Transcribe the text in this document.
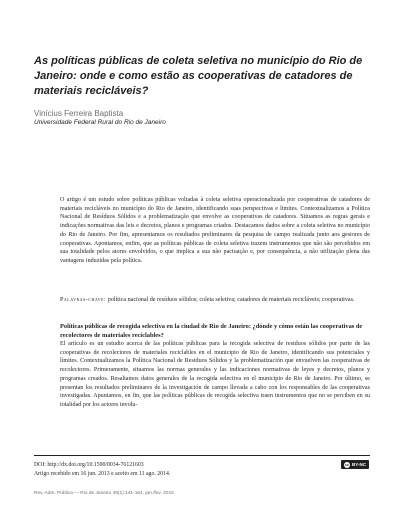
As políticas públicas de coleta seletiva no município do Rio de Janeiro: onde e como estão as cooperativas de catadores de materiais recicláveis?
Vinícius Ferreira Baptista
Universidade Federal Rural do Rio de Janeiro

O artigo é um estudo sobre políticas públicas voltadas à coleta seletiva operacionalizada por cooperativas de catadores de materiais recicláveis no município do Rio de Janeiro, identificando suas perspectivas e limites. Contextualizamos a Política Nacional de Resíduos Sólidos e a problematização que envolve as cooperativas de catadores. Situamos as regras gerais e indicações normativas das leis e decretos, planos e programas criados. Destacamos dados sobre a coleta seletiva no município do Rio de Janeiro. Por fim, apresentamos os resultados preliminares da pesquisa de campo realizada junto aos gestores de cooperativas. Apontamos, enfim, que as políticas públicas de coleta seletiva trazem instrumentos que não são percebidos em sua totalidade pelos atores envolvidos, o que implica a sua não pactuação e, por consequência, a não utilização plena das vantagens induzidas pela política.

Palavras-chave: política nacional de resíduos sólidos; coleta seletiva; catadores de materiais recicláveis; cooperativas.

Políticas públicas de recogida selectiva en la ciudad de Rio de Janeiro: ¿dónde y cómo están las cooperativas de recolectores de materiales reciclables?

El artículo es un estudio acerca de las políticas públicas para la recogida selectiva de residuos sólidos por parte de las cooperativas de recolectores de materiales reciclables en el municipio de Rio de Janeiro, identificando sus potenciales y límites. Contextualizamos la Política Nacional de Residuos Sólidos y la problematización que envuelven las cooperativas de recolectores. Primeramente, situamos las normas generales y las indicaciones normativas de leyes y decretos, planos y programas creados. Resaltamos datos generales de la recogida selectiva en el municipio de Rio de Janeiro. Por último, se presentan los resultados preliminares de la investigación de campo llevada a cabo con los responsables de las cooperativas investigadas. Apuntamos, en fin, que las políticas públicas de recogida selectiva traen instrumentos que no se perciben en su totalidad por los actores involu-

DOI: http://dx.doi.org/10.1590/0034-76121603
Artigo recebido em 16 jun. 2013 e aceito em 11 ago. 2014.
cc BY-NC
Rev. Adm. Pública — Rio de Janeiro 49(1):141-164, jan./fev. 2015
